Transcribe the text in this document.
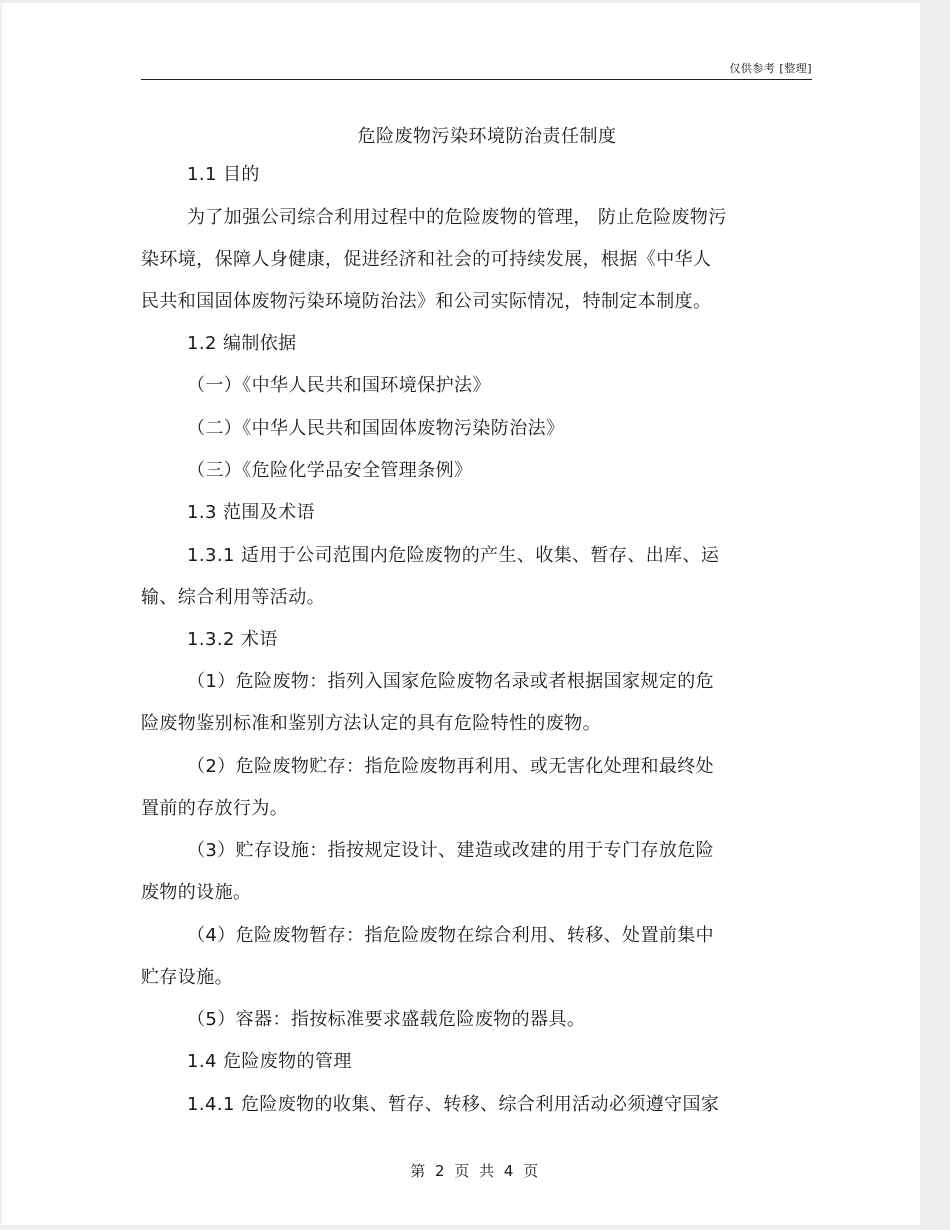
仅供参考 [整理]
危险废物污染环境防治责任制度
1.1 目的
为了加强公司综合利用过程中的危险废物的管理， 防止危险废物污
染环境，保障人身健康，促进经济和社会的可持续发展，根据《中华人
民共和国固体废物污染环境防治法》和公司实际情况，特制定本制度。
1.2 编制依据
（一）《中华人民共和国环境保护法》
（二）《中华人民共和国固体废物污染防治法》
（三）《危险化学品安全管理条例》
1.3 范围及术语
1.3.1 适用于公司范围内危险废物的产生、收集、暂存、出库、运
输、综合利用等活动。
1.3.2 术语
（1）危险废物：指列入国家危险废物名录或者根据国家规定的危
险废物鉴别标准和鉴别方法认定的具有危险特性的废物。
（2）危险废物贮存：指危险废物再利用、或无害化处理和最终处
置前的存放行为。
（3）贮存设施：指按规定设计、建造或改建的用于专门存放危险
废物的设施。
（4）危险废物暂存：指危险废物在综合利用、转移、处置前集中
贮存设施。
（5）容器：指按标准要求盛载危险废物的器具。
1.4 危险废物的管理
1.4.1 危险废物的收集、暂存、转移、综合利用活动必须遵守国家
第 2 页 共 4 页
